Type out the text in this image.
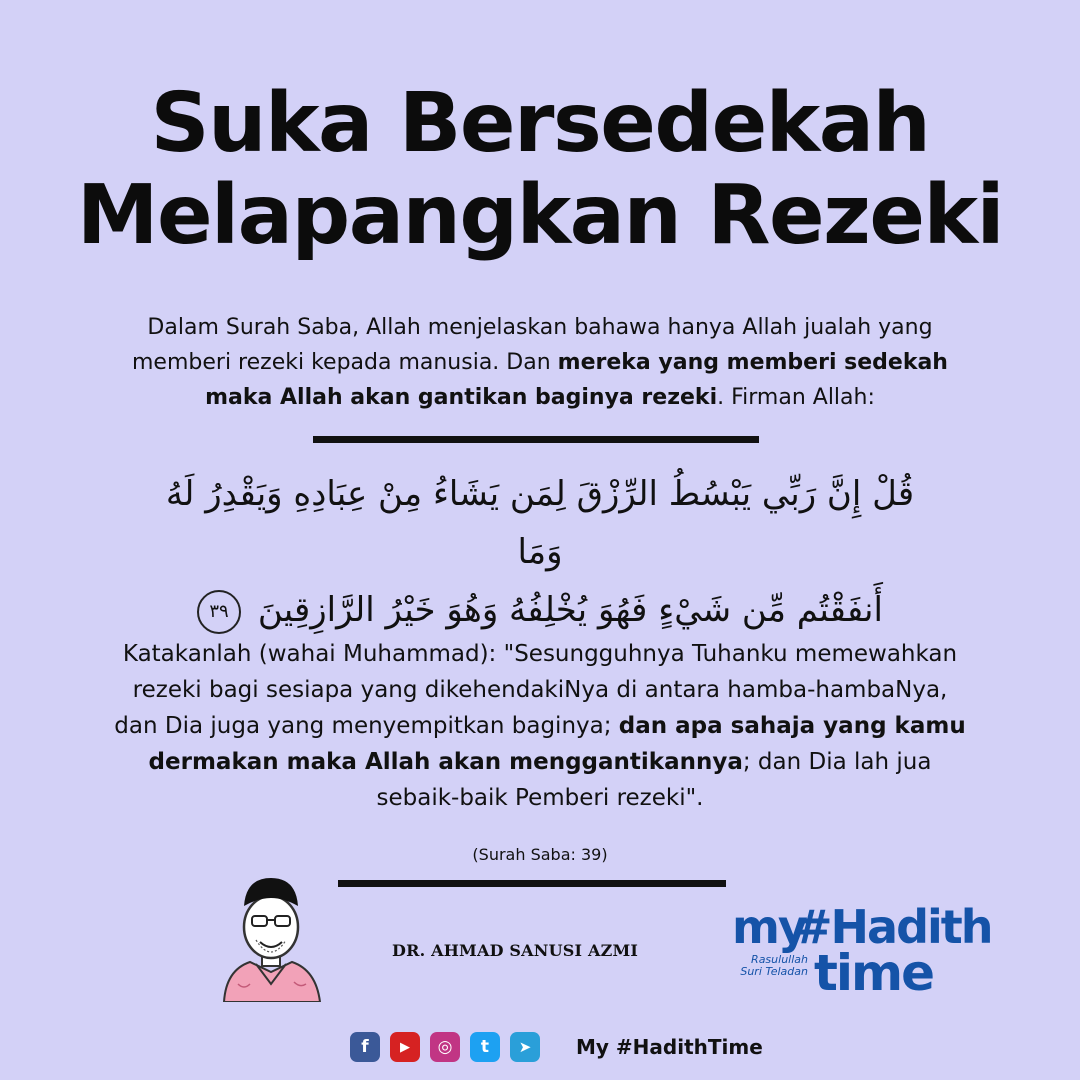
Suka Bersedekah
Melapangkan Rezeki
Dalam Surah Saba, Allah menjelaskan bahawa hanya Allah jualah yang memberi rezeki kepada manusia. Dan mereka yang memberi sedekah maka Allah akan gantikan baginya rezeki. Firman Allah:
قُلْ إِنَّ رَبِّي يَبْسُطُ الرِّزْقَ لِمَن يَشَاءُ مِنْ عِبَادِهِ وَيَقْدِرُ لَهُ وَمَا
أَنفَقْتُم مِّن شَيْءٍ فَهُوَ يُخْلِفُهُ وَهُوَ خَيْرُ الرَّازِقِينَ ٣٩
Katakanlah (wahai Muhammad): "Sesungguhnya Tuhanku memewahkan rezeki bagi sesiapa yang dikehendakiNya di antara hamba-hambaNya, dan Dia juga yang menyempitkan baginya; dan apa sahaja yang kamu dermakan maka Allah akan menggantikannya; dan Dia lah jua sebaik-baik Pemberi rezeki".
(Surah Saba: 39)
DR. AHMAD SANUSI AZMI my
#Hadith
Rasulullah Suri Teladan time
f ▶ ◎ t ➤ My #HadithTime
